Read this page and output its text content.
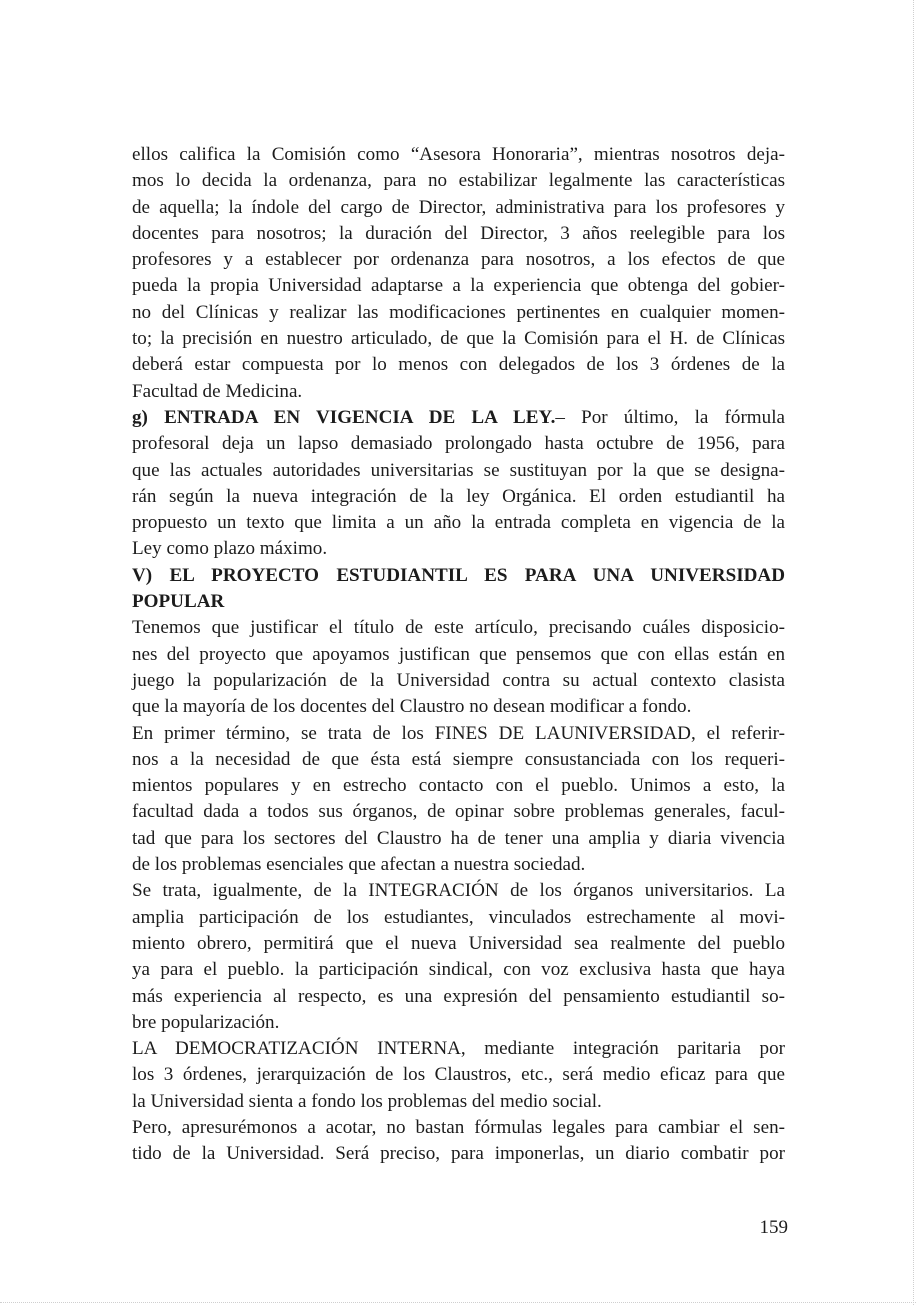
ellos califica la Comisión como “Asesora Honoraria”, mientras nosotros deja-
mos lo decida la ordenanza, para no estabilizar legalmente las características
de aquella; la índole del cargo de Director, administrativa para los profesores y
docentes para nosotros; la duración del Director, 3 años reelegible para los
profesores y a establecer por ordenanza para nosotros, a los efectos de que
pueda la propia Universidad adaptarse a la experiencia que obtenga del gobier-
no del Clínicas y realizar las modificaciones pertinentes en cualquier momen-
to; la precisión en nuestro articulado, de que la Comisión para el H. de Clínicas
deberá estar compuesta por lo menos con delegados de los 3 órdenes de la
Facultad de Medicina.
g) ENTRADA EN VIGENCIA DE LA LEY.– Por último, la fórmula
profesoral deja un lapso demasiado prolongado hasta octubre de 1956, para
que las actuales autoridades universitarias se sustituyan por la que se designa-
rán según la nueva integración de la ley Orgánica. El orden estudiantil ha
propuesto un texto que limita a un año la entrada completa en vigencia de la
Ley como plazo máximo.
V) EL PROYECTO ESTUDIANTIL ES PARA UNA UNIVERSIDAD
POPULAR
Tenemos que justificar el título de este artículo, precisando cuáles disposicio-
nes del proyecto que apoyamos justifican que pensemos que con ellas están en
juego la popularización de la Universidad contra su actual contexto clasista
que la mayoría de los docentes del Claustro no desean modificar a fondo.
En primer término, se trata de los FINES DE LAUNIVERSIDAD, el referir-
nos a la necesidad de que ésta está siempre consustanciada con los requeri-
mientos populares y en estrecho contacto con el pueblo. Unimos a esto, la
facultad dada a todos sus órganos, de opinar sobre problemas generales, facul-
tad que para los sectores del Claustro ha de tener una amplia y diaria vivencia
de los problemas esenciales que afectan a nuestra sociedad.
Se trata, igualmente, de la INTEGRACIÓN de los órganos universitarios. La
amplia participación de los estudiantes, vinculados estrechamente al movi-
miento obrero, permitirá que el nueva Universidad sea realmente del pueblo
ya para el pueblo. la participación sindical, con voz exclusiva hasta que haya
más experiencia al respecto, es una expresión del pensamiento estudiantil so-
bre popularización.
LA DEMOCRATIZACIÓN INTERNA, mediante integración paritaria por
los 3 órdenes, jerarquización de los Claustros, etc., será medio eficaz para que
la Universidad sienta a fondo los problemas del medio social.
Pero, apresurémonos a acotar, no bastan fórmulas legales para cambiar el sen-
tido de la Universidad. Será preciso, para imponerlas, un diario combatir por
159
